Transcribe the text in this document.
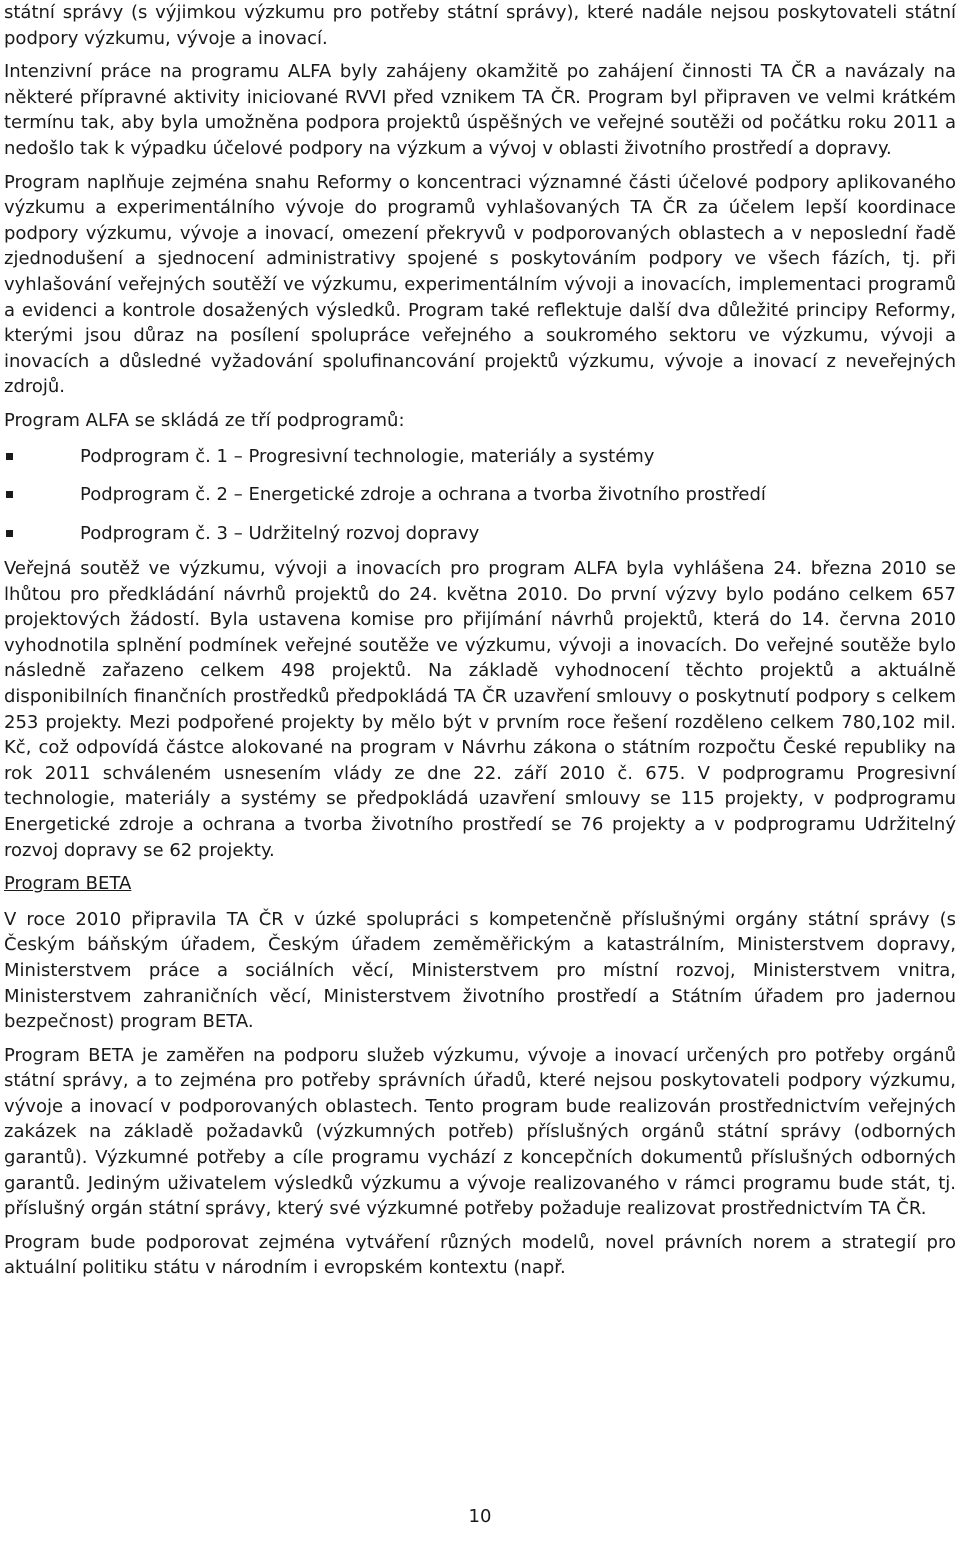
státní správy (s výjimkou výzkumu pro potřeby státní správy), které nadále nejsou poskytovateli státní podpory výzkumu, vývoje a inovací.

Intenzivní práce na programu ALFA byly zahájeny okamžitě po zahájení činnosti TA ČR a navázaly na některé přípravné aktivity iniciované RVVI před vznikem TA ČR. Program byl připraven ve velmi krátkém termínu tak, aby byla umožněna podpora projektů úspěšných ve veřejné soutěži od počátku roku 2011 a nedošlo tak k výpadku účelové podpory na výzkum a vývoj v oblasti životního prostředí a dopravy.

Program naplňuje zejména snahu Reformy o koncentraci významné části účelové podpory aplikovaného výzkumu a experimentálního vývoje do programů vyhlašovaných TA ČR za účelem lepší koordinace podpory výzkumu, vývoje a inovací, omezení překryvů v podporovaných oblastech a v neposlední řadě zjednodušení a sjednocení administrativy spojené s poskytováním podpory ve všech fázích, tj. při vyhlašování veřejných soutěží ve výzkumu, experimentálním vývoji a inovacích, implementaci programů a evidenci a kontrole dosažených výsledků. Program také reflektuje další dva důležité principy Reformy, kterými jsou důraz na posílení spolupráce veřejného a soukromého sektoru ve výzkumu, vývoji a inovacích a důsledné vyžadování spolufinancování projektů výzkumu, vývoje a inovací z neveřejných zdrojů.

Program ALFA se skládá ze tří podprogramů:

Podprogram č. 1 – Progresivní technologie, materiály a systémy
Podprogram č. 2 – Energetické zdroje a ochrana a tvorba životního prostředí
Podprogram č. 3 – Udržitelný rozvoj dopravy

Veřejná soutěž ve výzkumu, vývoji a inovacích pro program ALFA byla vyhlášena 24. března 2010 se lhůtou pro předkládání návrhů projektů do 24. května 2010. Do první výzvy bylo podáno celkem 657 projektových žádostí. Byla ustavena komise pro přijímání návrhů projektů, která do 14. června 2010 vyhodnotila splnění podmínek veřejné soutěže ve výzkumu, vývoji a inovacích. Do veřejné soutěže bylo následně zařazeno celkem 498 projektů. Na základě vyhodnocení těchto projektů a aktuálně disponibilních finančních prostředků předpokládá TA ČR uzavření smlouvy o poskytnutí podpory s celkem 253 projekty. Mezi podpořené projekty by mělo být v prvním roce řešení rozděleno celkem 780,102 mil. Kč, což odpovídá částce alokované na program v Návrhu zákona o státním rozpočtu České republiky na rok 2011 schváleném usnesením vlády ze dne 22. září 2010 č. 675. V podprogramu Progresivní technologie, materiály a systémy se předpokládá uzavření smlouvy se 115 projekty, v podprogramu Energetické zdroje a ochrana a tvorba životního prostředí se 76 projekty a v podprogramu Udržitelný rozvoj dopravy se 62 projekty.

Program BETA

V roce 2010 připravila TA ČR v úzké spolupráci s kompetenčně příslušnými orgány státní správy (s Českým báňským úřadem, Českým úřadem zeměměřickým a katastrálním, Ministerstvem dopravy, Ministerstvem práce a sociálních věcí, Ministerstvem pro místní rozvoj, Ministerstvem vnitra, Ministerstvem zahraničních věcí, Ministerstvem životního prostředí a Státním úřadem pro jadernou bezpečnost) program BETA.

Program BETA je zaměřen na podporu služeb výzkumu, vývoje a inovací určených pro potřeby orgánů státní správy, a to zejména pro potřeby správních úřadů, které nejsou poskytovateli podpory výzkumu, vývoje a inovací v podporovaných oblastech. Tento program bude realizován prostřednictvím veřejných zakázek na základě požadavků (výzkumných potřeb) příslušných orgánů státní správy (odborných garantů). Výzkumné potřeby a cíle programu vychází z koncepčních dokumentů příslušných odborných garantů. Jediným uživatelem výsledků výzkumu a vývoje realizovaného v rámci programu bude stát, tj. příslušný orgán státní správy, který své výzkumné potřeby požaduje realizovat prostřednictvím TA ČR.

Program bude podporovat zejména vytváření různých modelů, novel právních norem a strategií pro aktuální politiku státu v národním i evropském kontextu (např.

10
